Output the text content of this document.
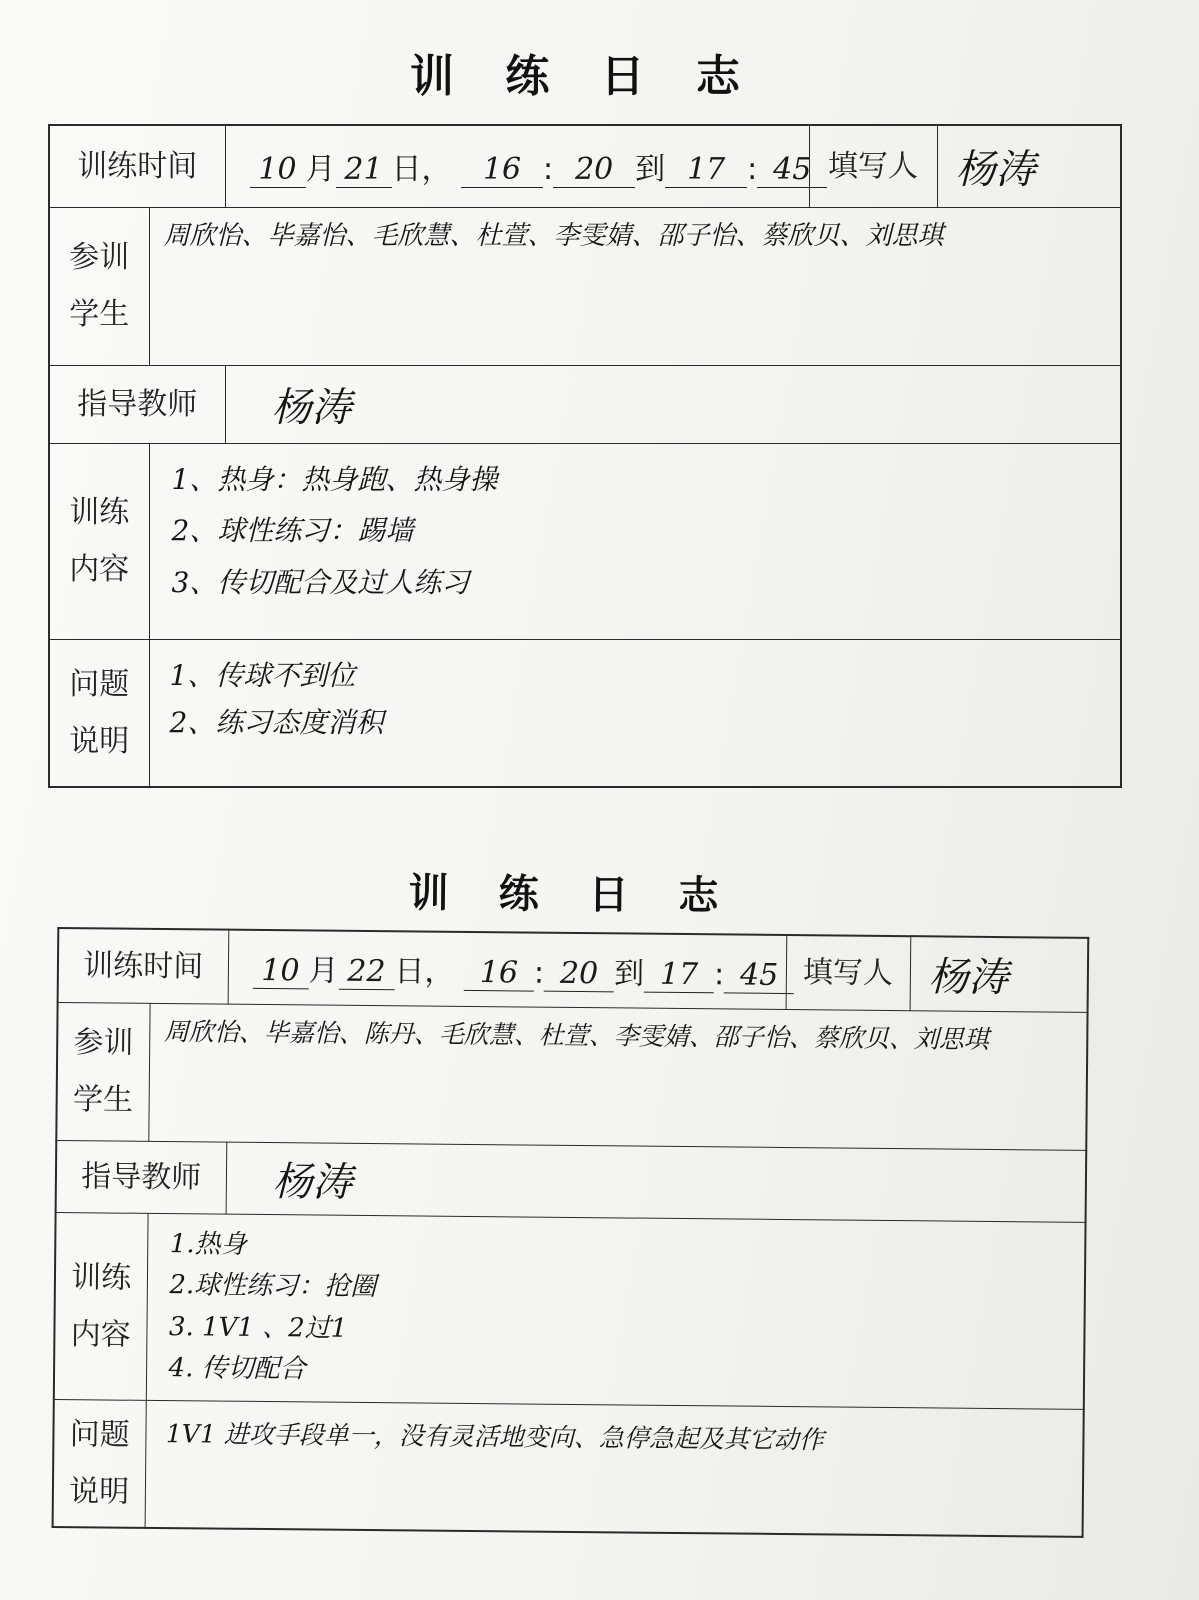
训 练 日 志
训练时间		10 月 21 日， 16 : 20 到 17 : 45	填写人	杨涛
参训学生	周欣怡、毕嘉怡、毛欣慧、杜萱、李雯婧、邵子怡、蔡欣贝、刘思琪			
指导教师		杨涛		
训练内容	1、热身：热身跑、热身操
2、球性练习：踢墙
3、传切配合及过人练习			

问题说明	1、传球不到位
2、练习态度消积			
训 练 日 志
训练时间		10 月 22 日， 16 : 20 到 17 : 45	填写人	杨涛
参训学生	周欣怡、毕嘉怡、陈丹、毛欣慧、杜萱、李雯婧、邵子怡、蔡欣贝、刘思琪			
指导教师		杨涛		
训练内容	1.热身
2.球性练习：抢圈
3. 1V1 、2过1
4. 传切配合			

问题说明	1V1 进攻手段单一，没有灵活地变向、急停急起及其它动作			
